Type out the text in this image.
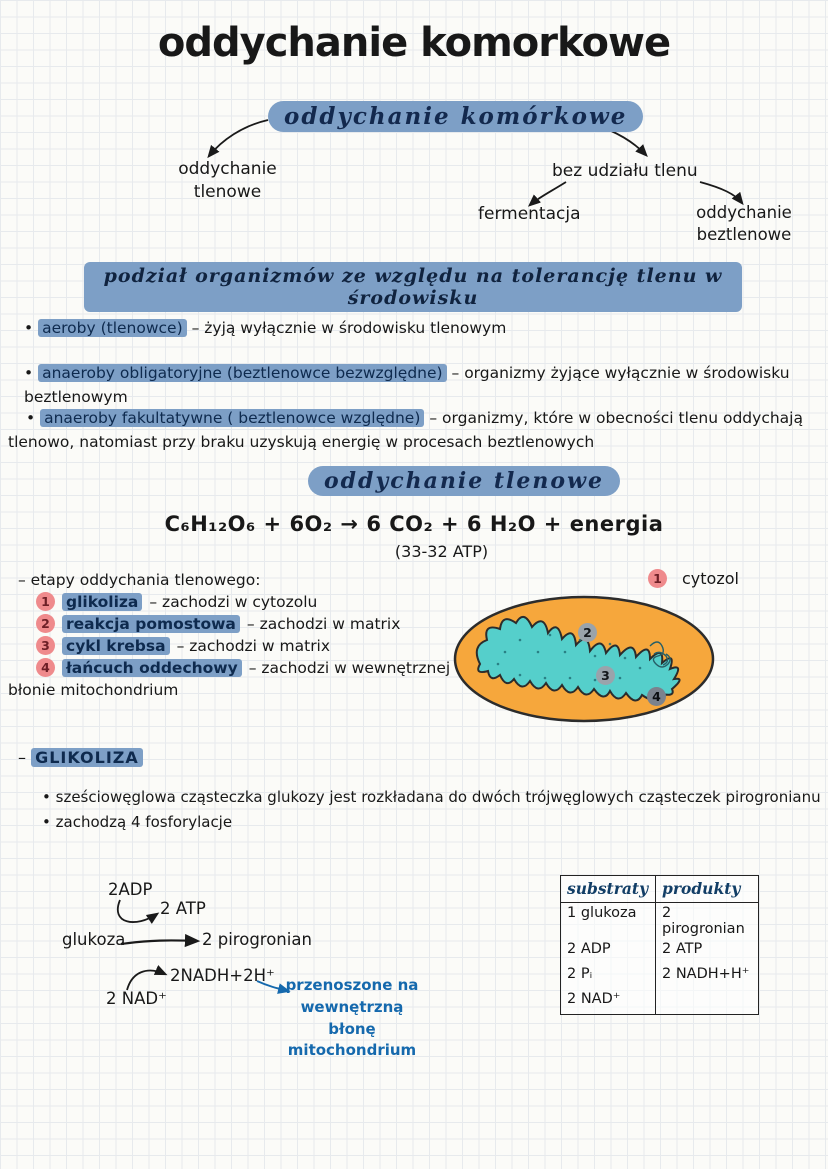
oddychanie komorkowe
oddychanie komórkowe
oddychanie tlenowe
bez udziału tlenu
fermentacja	oddychanie beztlenowe
podział organizmów ze względu na tolerancję tlenu w środowisku
• aeroby (tlenowce) – żyją wyłącznie w środowisku tlenowym
• anaeroby obligatoryjne (beztlenowce bezwzględne) – organizmy żyjące wyłącznie w środowisku beztlenowym
• anaeroby fakultatywne ( beztlenowce względne) – organizmy, które w obecności tlenu oddychają tlenowo, natomiast przy braku uzyskują energię w procesach beztlenowych
oddychanie tlenowe
C₆H₁₂O₆ + 6O₂ → 6 CO₂ + 6 H₂O + energia
(33-32 ATP)
– etapy oddychania tlenowego:
1	glikoliza – zachodzi w cytozolu
2	reakcja pomostowa – zachodzi w matrix
3	cykl krebsa – zachodzi w matrix
4	łańcuch oddechowy – zachodzi w wewnętrznej
błonie mitochondrium
1	cytozol
2
3
4
– GLIKOLIZA
• sześciowęglowa cząsteczka glukozy jest rozkładana do dwóch trójwęglowych cząsteczek pirogronianu
• zachodzą 4 fosforylacje
2ADP
2 ATP
glukoza	2 pirogronian
2NADH+2H⁺
2 NAD⁺
przenoszone na wewnętrzną błonę mitochondrium
substraty produkty
1 glukoza	2 pirogronian
2 ADP	2 ATP
2 Pᵢ	2 NADH+H⁺
2 NAD⁺
